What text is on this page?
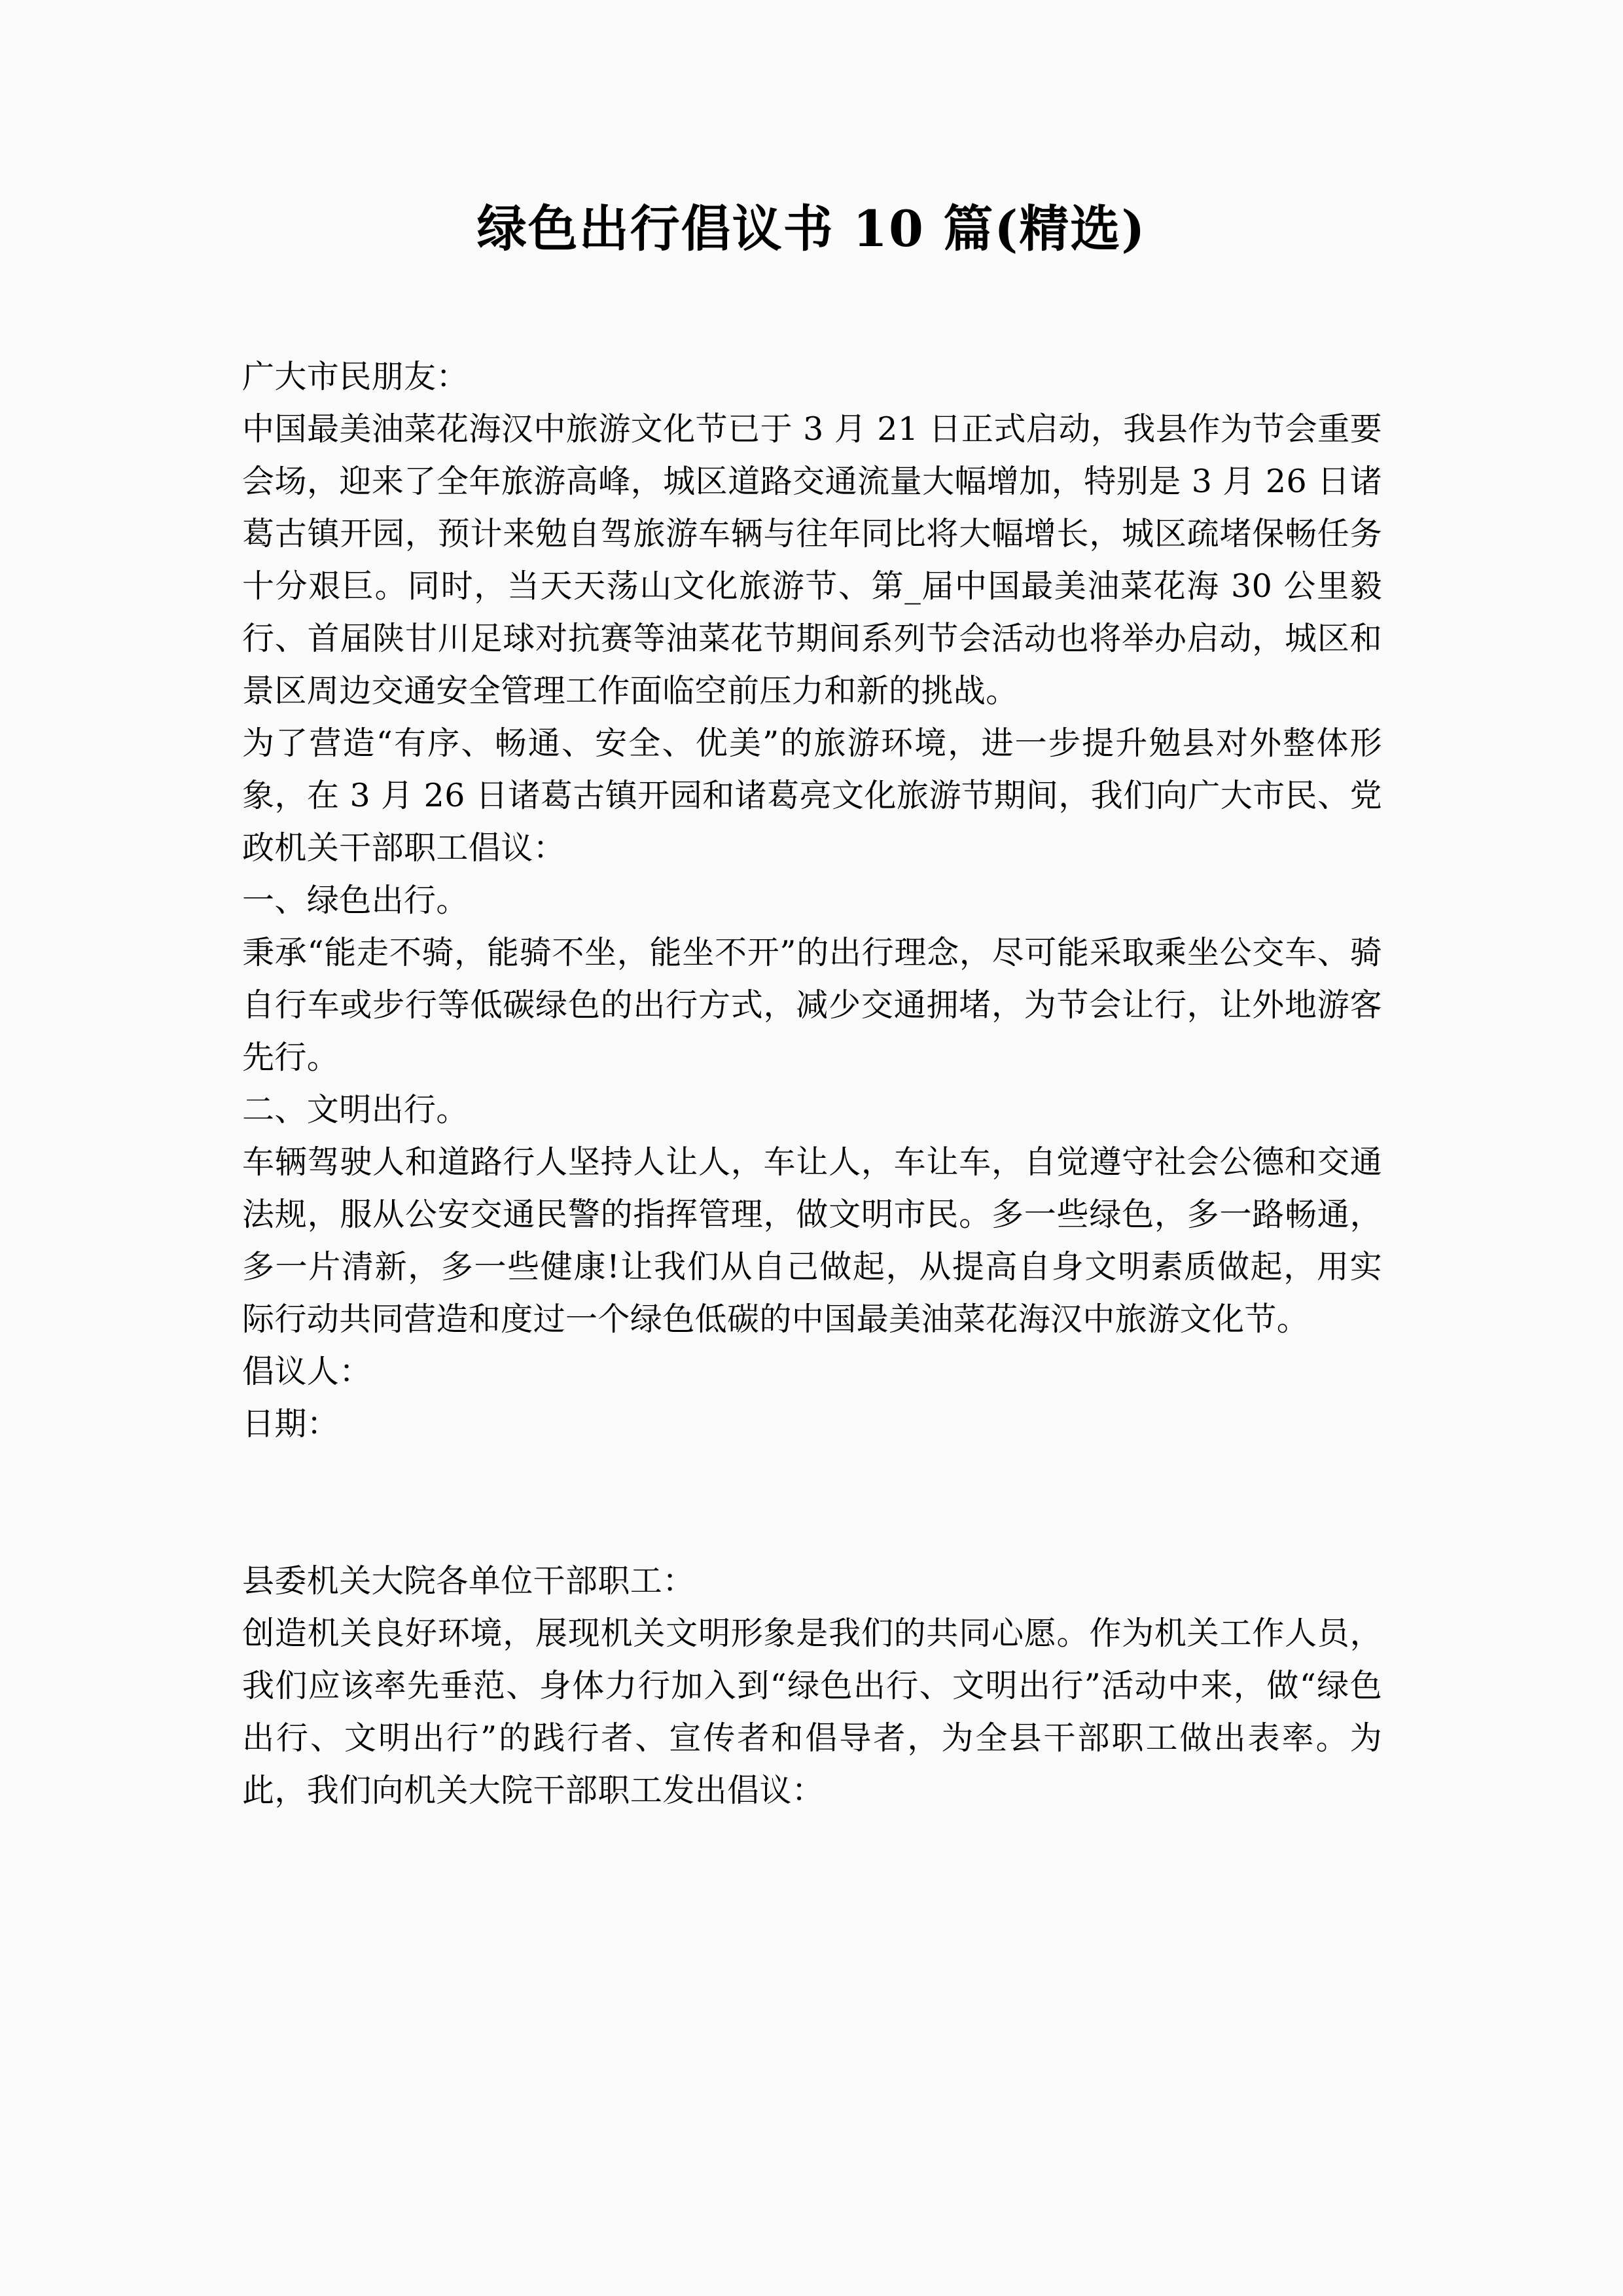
绿色出行倡议书 10 篇(精选)

广大市民朋友：

中国最美油菜花海汉中旅游文化节已于 3 月 21 日正式启动，我县作为节会重要会场，迎来了全年旅游高峰，城区道路交通流量大幅增加，特别是 3 月 26 日诸葛古镇开园，预计来勉自驾旅游车辆与往年同比将大幅增长，城区疏堵保畅任务十分艰巨。同时，当天天荡山文化旅游节、第_届中国最美油菜花海 30 公里毅行、首届陕甘川足球对抗赛等油菜花节期间系列节会活动也将举办启动，城区和景区周边交通安全管理工作面临空前压力和新的挑战。

为了营造“有序、畅通、安全、优美”的旅游环境，进一步提升勉县对外整体形象，在 3 月 26 日诸葛古镇开园和诸葛亮文化旅游节期间，我们向广大市民、党政机关干部职工倡议：

一、绿色出行。

秉承“能走不骑，能骑不坐，能坐不开”的出行理念，尽可能采取乘坐公交车、骑自行车或步行等低碳绿色的出行方式，减少交通拥堵，为节会让行，让外地游客先行。

二、文明出行。

车辆驾驶人和道路行人坚持人让人，车让人，车让车，自觉遵守社会公德和交通法规，服从公安交通民警的指挥管理，做文明市民。多一些绿色，多一路畅通，多一片清新，多一些健康!让我们从自己做起，从提高自身文明素质做起，用实际行动共同营造和度过一个绿色低碳的中国最美油菜花海汉中旅游文化节。

倡议人：

日期：

县委机关大院各单位干部职工：

创造机关良好环境，展现机关文明形象是我们的共同心愿。作为机关工作人员，我们应该率先垂范、身体力行加入到“绿色出行、文明出行”活动中来，做“绿色出行、文明出行”的践行者、宣传者和倡导者，为全县干部职工做出表率。为此，我们向机关大院干部职工发出倡议：
